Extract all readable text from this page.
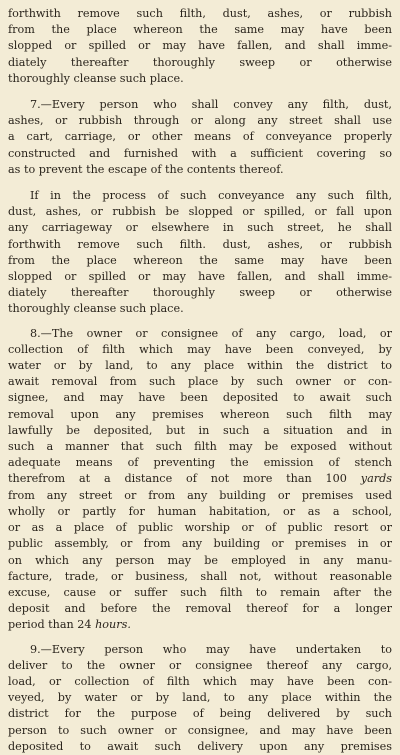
forthwith remove such filth, dust, ashes, or rubbish
from the place whereon the same may have been
slopped or spilled or may have fallen, and shall imme-
diately thereafter thoroughly sweep or otherwise
thoroughly cleanse such place.

7.—Every person who shall convey any filth, dust,
ashes, or rubbish through or along any street shall use
a cart, carriage, or other means of conveyance properly
constructed and furnished with a sufficient covering so
as to prevent the escape of the contents thereof.

If in the process of such conveyance any such filth,
dust, ashes, or rubbish be slopped or spilled, or fall upon
any carriageway or elsewhere in such street, he shall
forthwith remove such filth. dust, ashes, or rubbish
from the place whereon the same may have been
slopped or spilled or may have fallen, and shall imme-
diately thereafter thoroughly sweep or otherwise
thoroughly cleanse such place.

8.—The owner or consignee of any cargo, load, or
collection of filth which may have been conveyed, by
water or by land, to any place within the district to
await removal from such place by such owner or con-
signee, and may have been deposited to await such
removal upon any premises whereon such filth may
lawfully be deposited, but in such a situation and in
such a manner that such filth may be exposed without
adequate means of preventing the emission of stench
therefrom at a distance of not more than 100 yards
from any street or from any building or premises used
wholly or partly for human habitation, or as a school,
or as a place of public worship or of public resort or
public assembly, or from any building or premises in or
on which any person may be employed in any manu-
facture, trade, or business, shall not, without reasonable
excuse, cause or suffer such filth to remain after the
deposit and before the removal thereof for a longer
period than 24 hours.

9.—Every person who may have undertaken to
deliver to the owner or consignee thereof any cargo,
load, or collection of filth which may have been con-
veyed, by water or by land, to any place within the
district for the purpose of being delivered by such
person to such owner or consignee, and may have been
deposited to await such delivery upon any premises
